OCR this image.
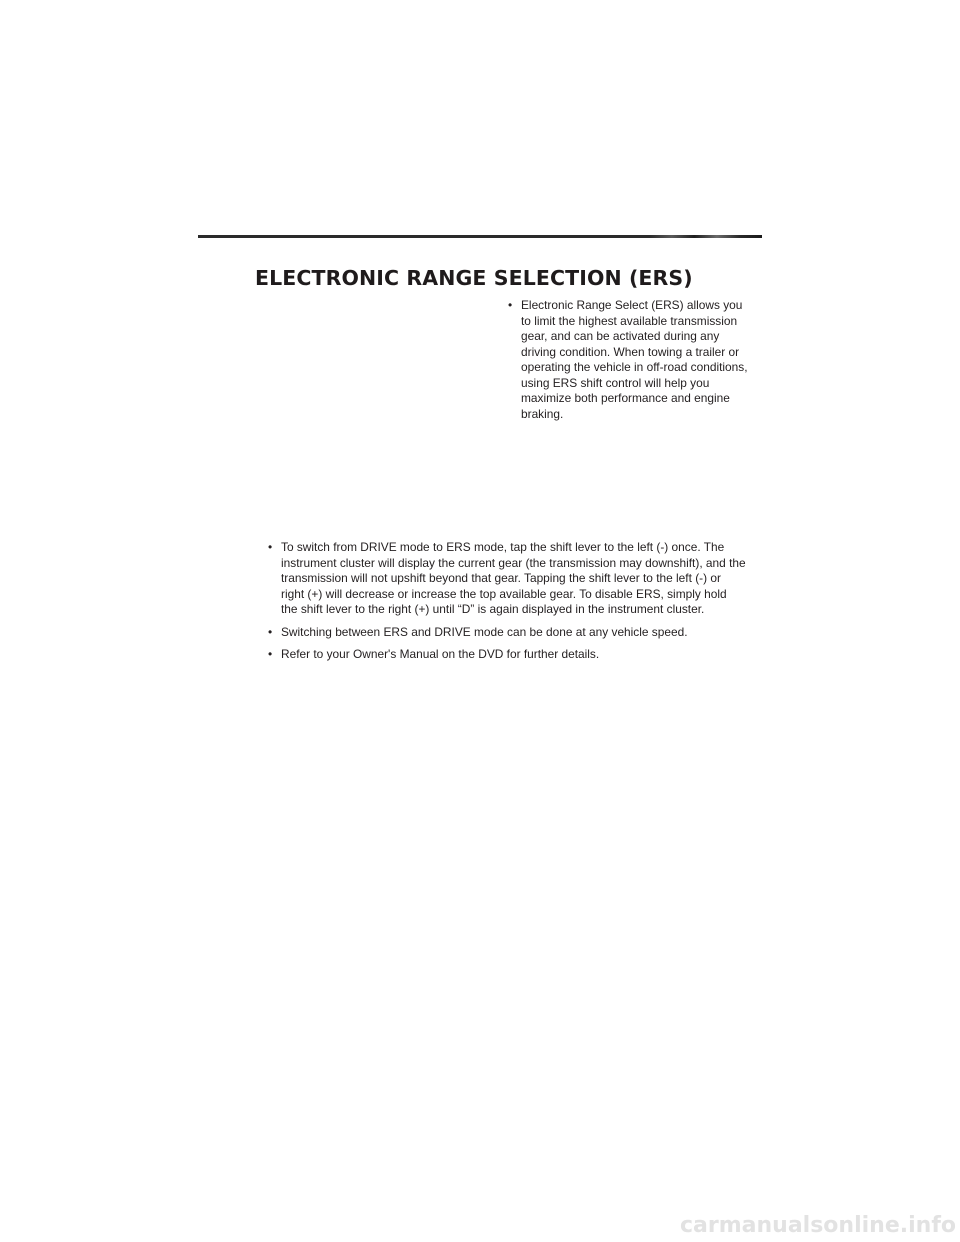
ELECTRONIC RANGE SELECTION (ERS)
• Electronic Range Select (ERS) allows you to limit the highest available transmission gear, and can be activated during any driving condition. When towing a trailer or operating the vehicle in off-road conditions, using ERS shift control will help you maximize both performance and engine braking.
• To switch from DRIVE mode to ERS mode, tap the shift lever to the left (-) once. The instrument cluster will display the current gear (the transmission may downshift), and the transmission will not upshift beyond that gear. Tapping the shift lever to the left (-) or right (+) will decrease or increase the top available gear. To disable ERS, simply hold the shift lever to the right (+) until “D” is again displayed in the instrument cluster.
• Switching between ERS and DRIVE mode can be done at any vehicle speed.
• Refer to your Owner's Manual on the DVD for further details.
carmanualsonline.info
